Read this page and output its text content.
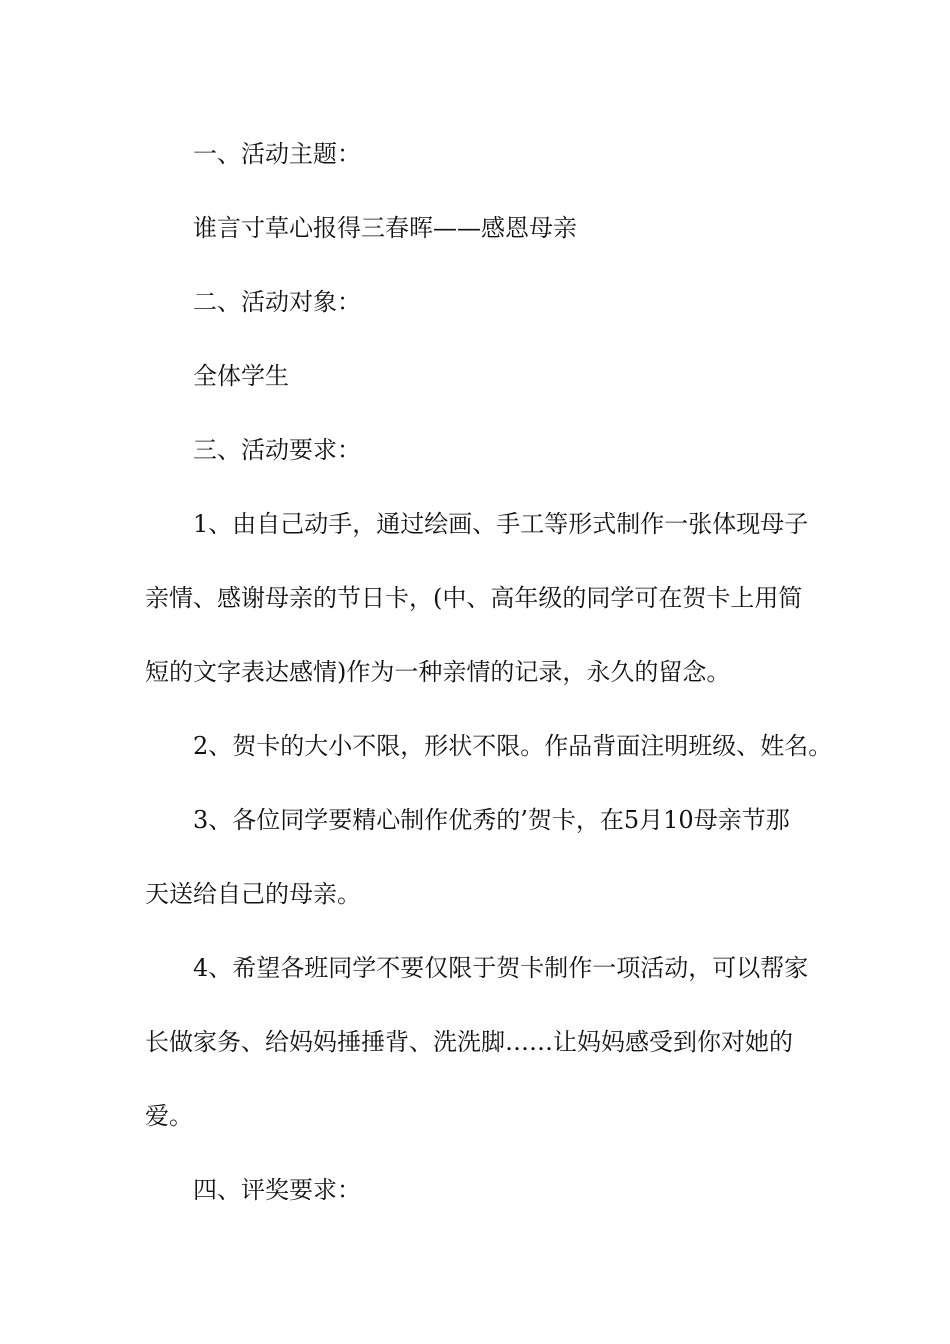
一、活动主题：

谁言寸草心报得三春晖——感恩母亲

二、活动对象：

全体学生

三、活动要求：

1、由自己动手，通过绘画、手工等形式制作一张体现母子
亲情、感谢母亲的节日卡，(中、高年级的同学可在贺卡上用简
短的文字表达感情)作为一种亲情的记录，永久的留念。

2、贺卡的大小不限，形状不限。作品背面注明班级、姓名。

3、各位同学要精心制作优秀的’贺卡，在5月10母亲节那
天送给自己的母亲。
4、希望各班同学不要仅限于贺卡制作一项活动，可以帮家
长做家务、给妈妈捶捶背、洗洗脚……让妈妈感受到你对她的
爱。

四、评奖要求：
